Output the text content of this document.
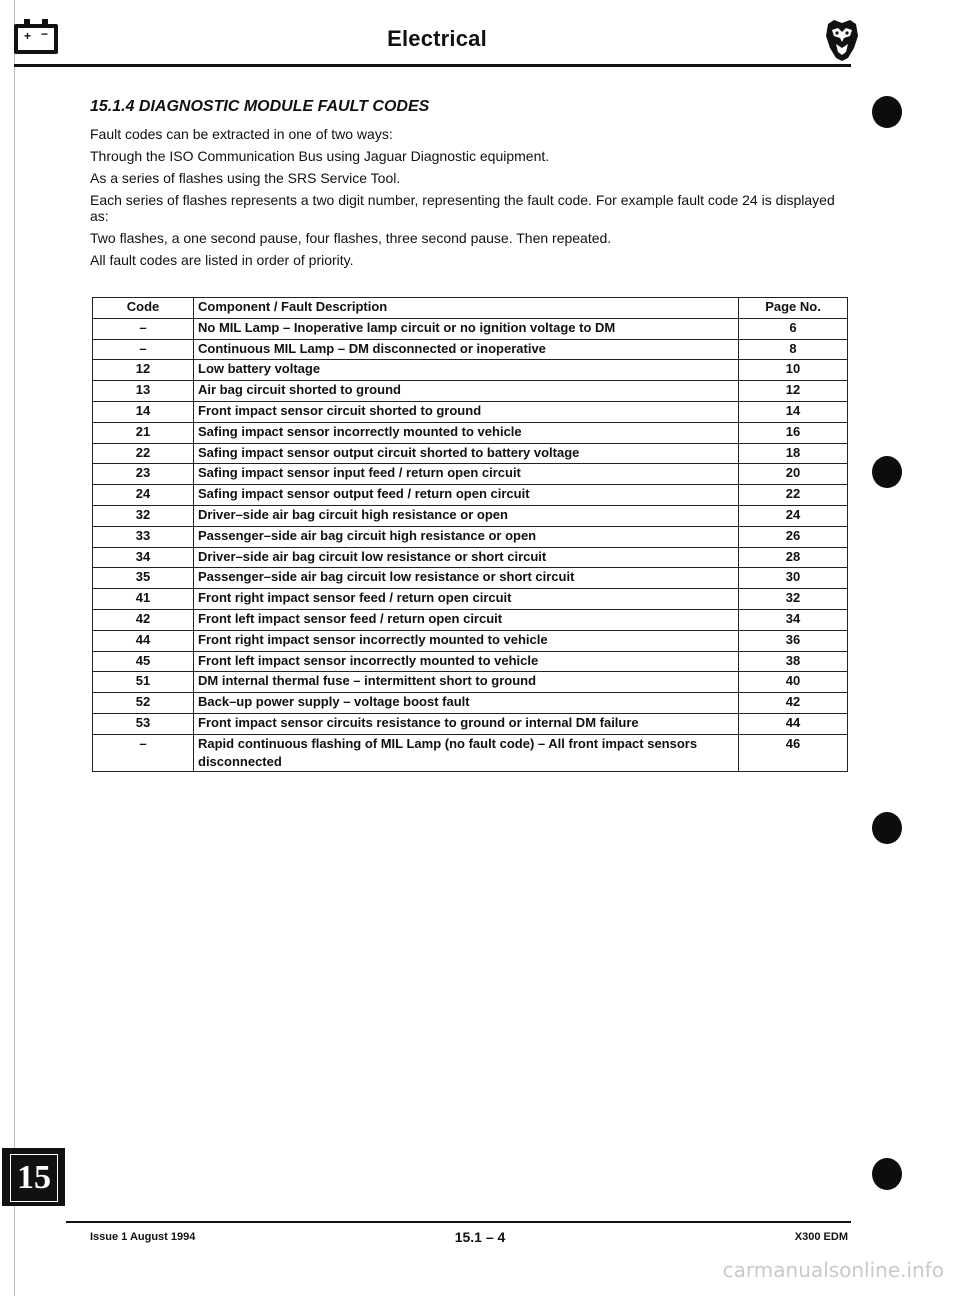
+ −	Electrical
15.1.4 DIAGNOSTIC MODULE FAULT CODES
Fault codes can be extracted in one of two ways:
Through the ISO Communication Bus using Jaguar Diagnostic equipment.
As a series of flashes using the SRS Service Tool.
Each series of flashes represents a two digit number, representing the fault code. For example fault code 24 is displayed as:
Two flashes, a one second pause, four flashes, three second pause. Then repeated.
All fault codes are listed in order of priority.
Code	Component / Fault Description	Page No.
–	No MIL Lamp – Inoperative lamp circuit or no ignition voltage to DM	6
–	Continuous MIL Lamp – DM disconnected or inoperative	8
12	Low battery voltage	10
13	Air bag circuit shorted to ground	12
14	Front impact sensor circuit shorted to ground	14
21	Safing impact sensor incorrectly mounted to vehicle	16
22	Safing impact sensor output circuit shorted to battery voltage	18
23	Safing impact sensor input feed / return open circuit	20
24	Safing impact sensor output feed / return open circuit	22
32	Driver–side air bag circuit high resistance or open	24
33	Passenger–side air bag circuit high resistance or open	26
34	Driver–side air bag circuit low resistance or short circuit	28
35	Passenger–side air bag circuit low resistance or short circuit	30
41	Front right impact sensor feed / return open circuit	32
42	Front left impact sensor feed / return open circuit	34
44	Front right impact sensor incorrectly mounted to vehicle	36
45	Front left impact sensor incorrectly mounted to vehicle	38
51	DM internal thermal fuse – intermittent short to ground	40
52	Back–up power supply – voltage boost fault	42
53	Front impact sensor circuits resistance to ground or internal DM failure	44
–	Rapid continuous flashing of MIL Lamp (no fault code) – All front impact sensors disconnected	46
15
Issue 1 August 1994	15.1 – 4	X300 EDM
carmanualsonline.info
